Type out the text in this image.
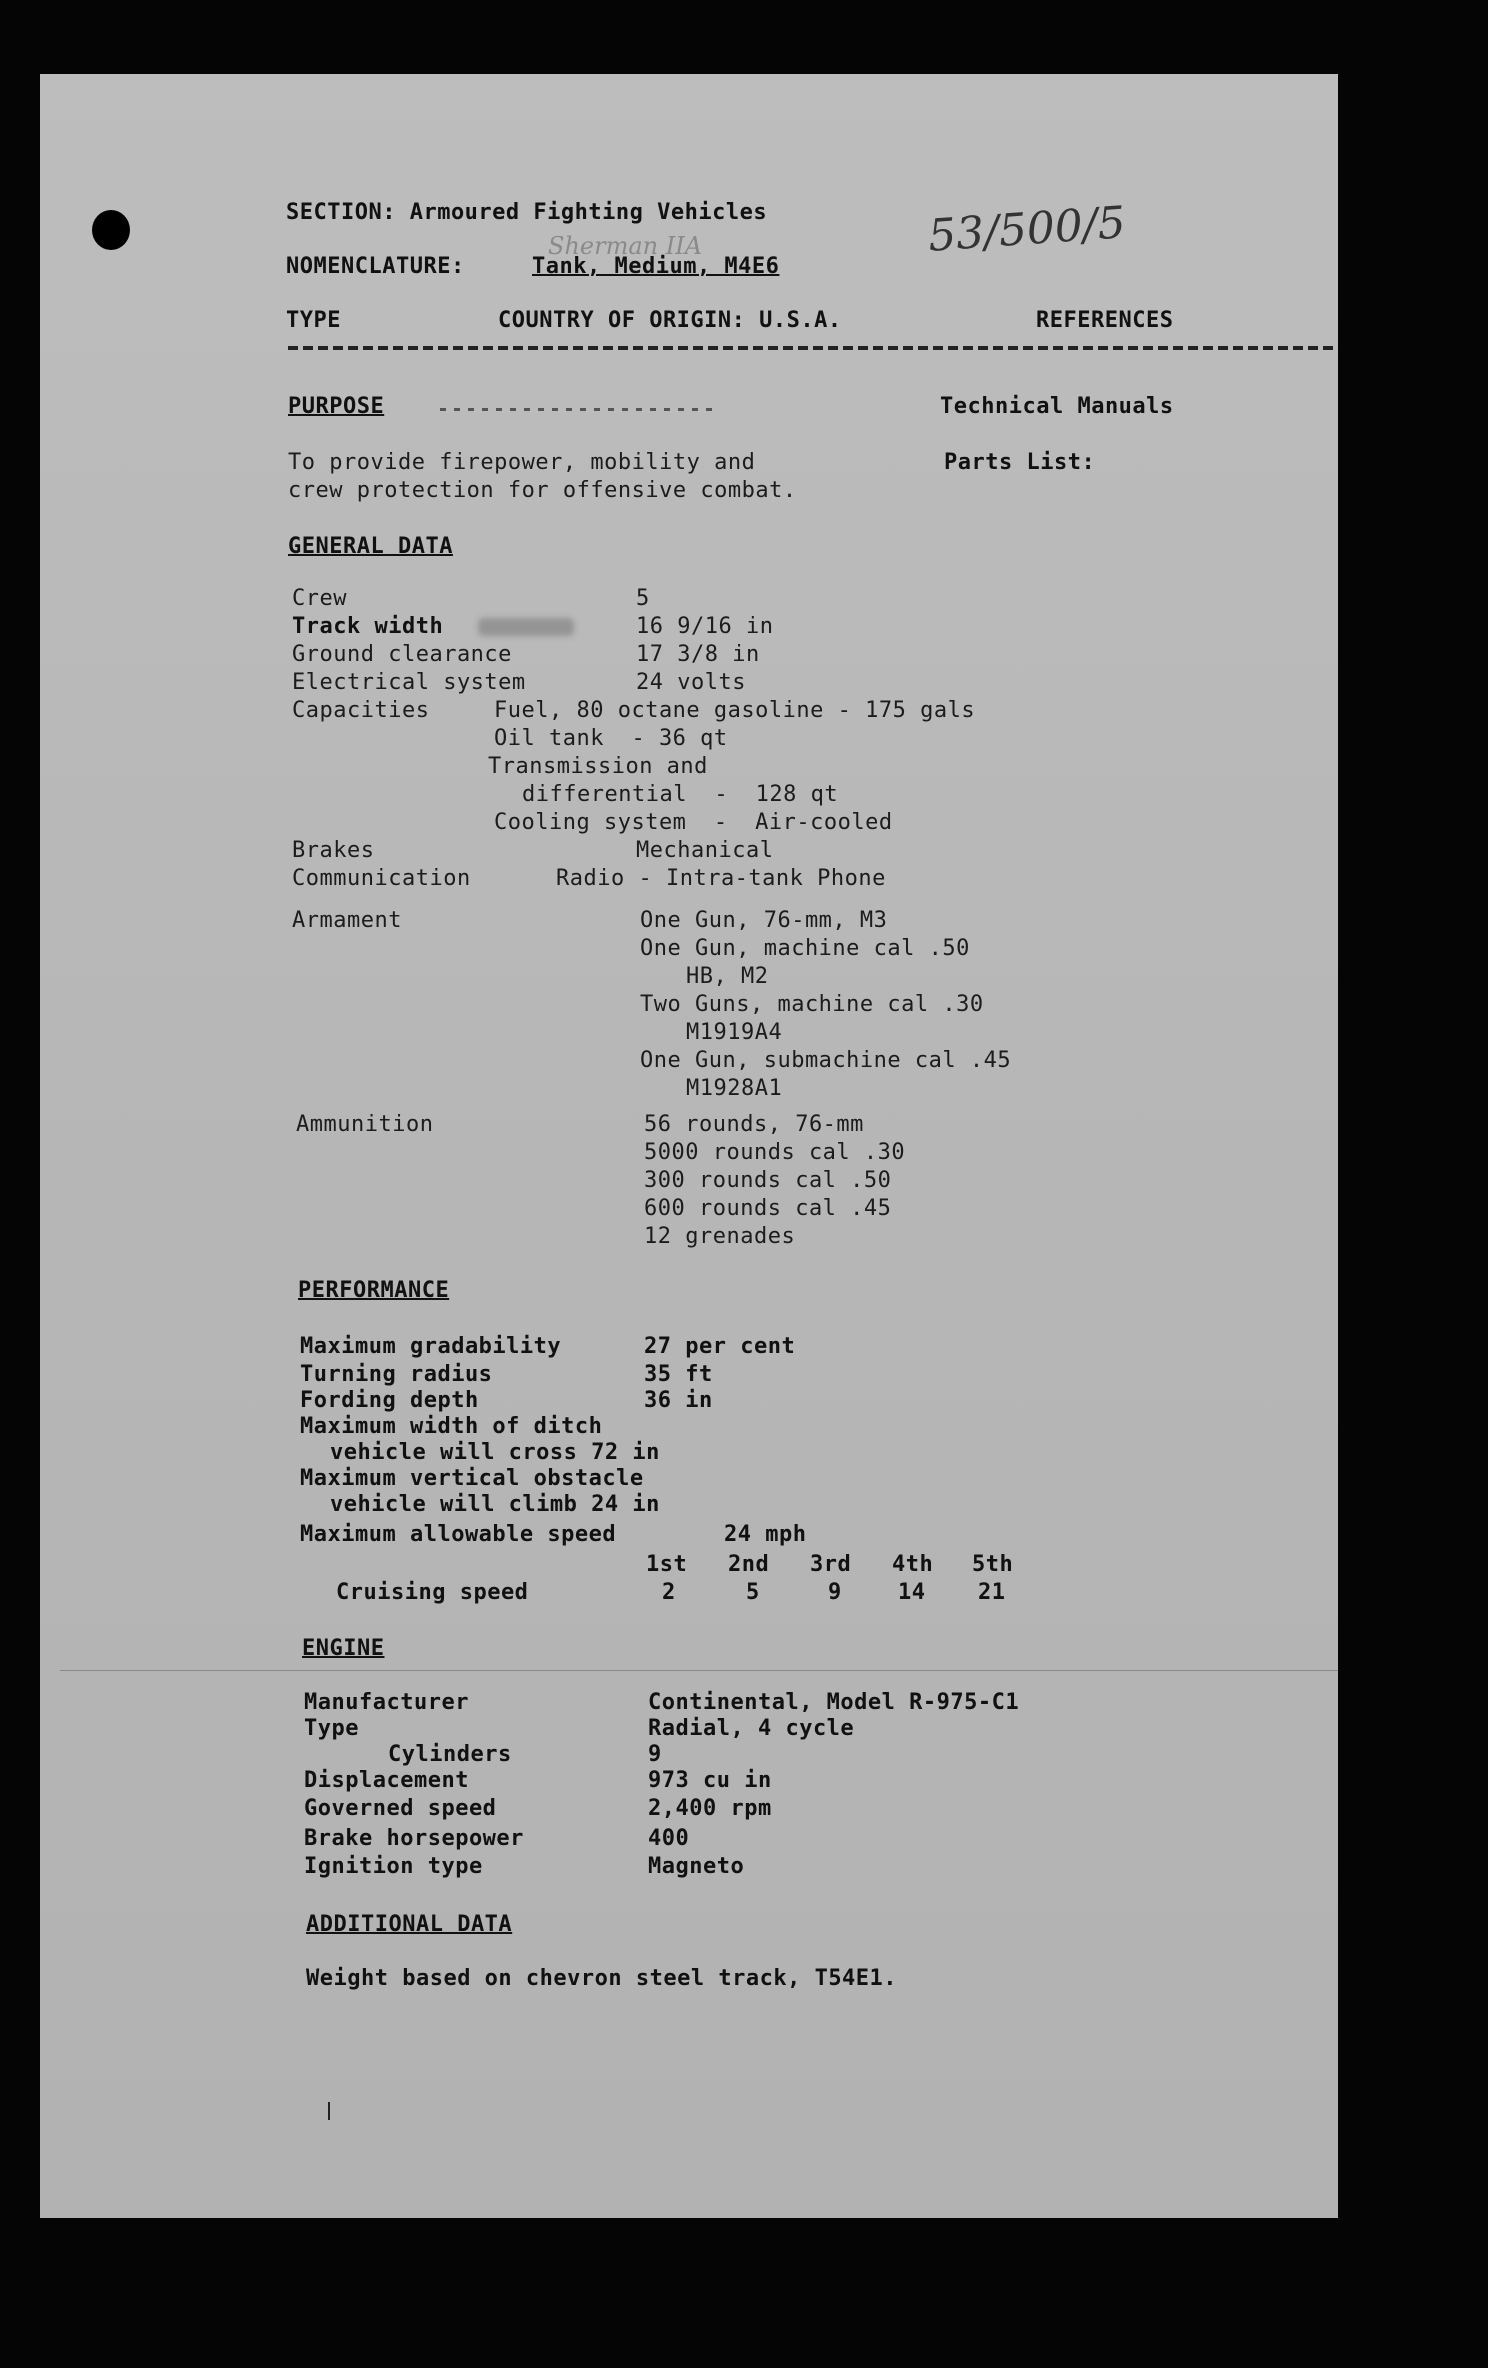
SECTION: Armoured Fighting Vehicles
NOMENCLATURE:	Tank, Medium, M4E6
Sherman IIA	53/500/5
TYPE	COUNTRY OF ORIGIN: U.S.A.	REFERENCES
PURPOSE	Technical Manuals
To provide firepower, mobility and
crew protection for offensive combat.
Parts List:
GENERAL DATA
Crew	5
Track width	16 9/16 in
Ground clearance	17 3/8 in
Electrical system	24 volts
Capacities	Fuel, 80 octane gasoline - 175 gals
Oil tank  - 36 qt
Transmission and
differential  -  128 qt
Cooling system  -  Air-cooled
Brakes	Mechanical
Communication	Radio - Intra-tank Phone
Armament	One Gun, 76-mm, M3
One Gun, machine cal .50
HB, M2
Two Guns, machine cal .30
M1919A4
One Gun, submachine cal .45
M1928A1
Ammunition	56 rounds, 76-mm
5000 rounds cal .30
300 rounds cal .50
600 rounds cal .45
12 grenades
PERFORMANCE
Maximum gradability	27 per cent
Turning radius	35 ft
Fording depth	36 in
Maximum width of ditch
vehicle will cross 72 in
Maximum vertical obstacle
vehicle will climb 24 in
Maximum allowable speed	24 mph
1st 2nd 3rd 4th 5th
Cruising speed	2	5	9	14 21
ENGINE
Manufacturer	Continental, Model R-975-C1
Type	Radial, 4 cycle
Cylinders	9
Displacement	973 cu in
Governed speed	2,400 rpm
Brake horsepower	400
Ignition type	Magneto
ADDITIONAL DATA
Weight based on chevron steel track, T54E1.
